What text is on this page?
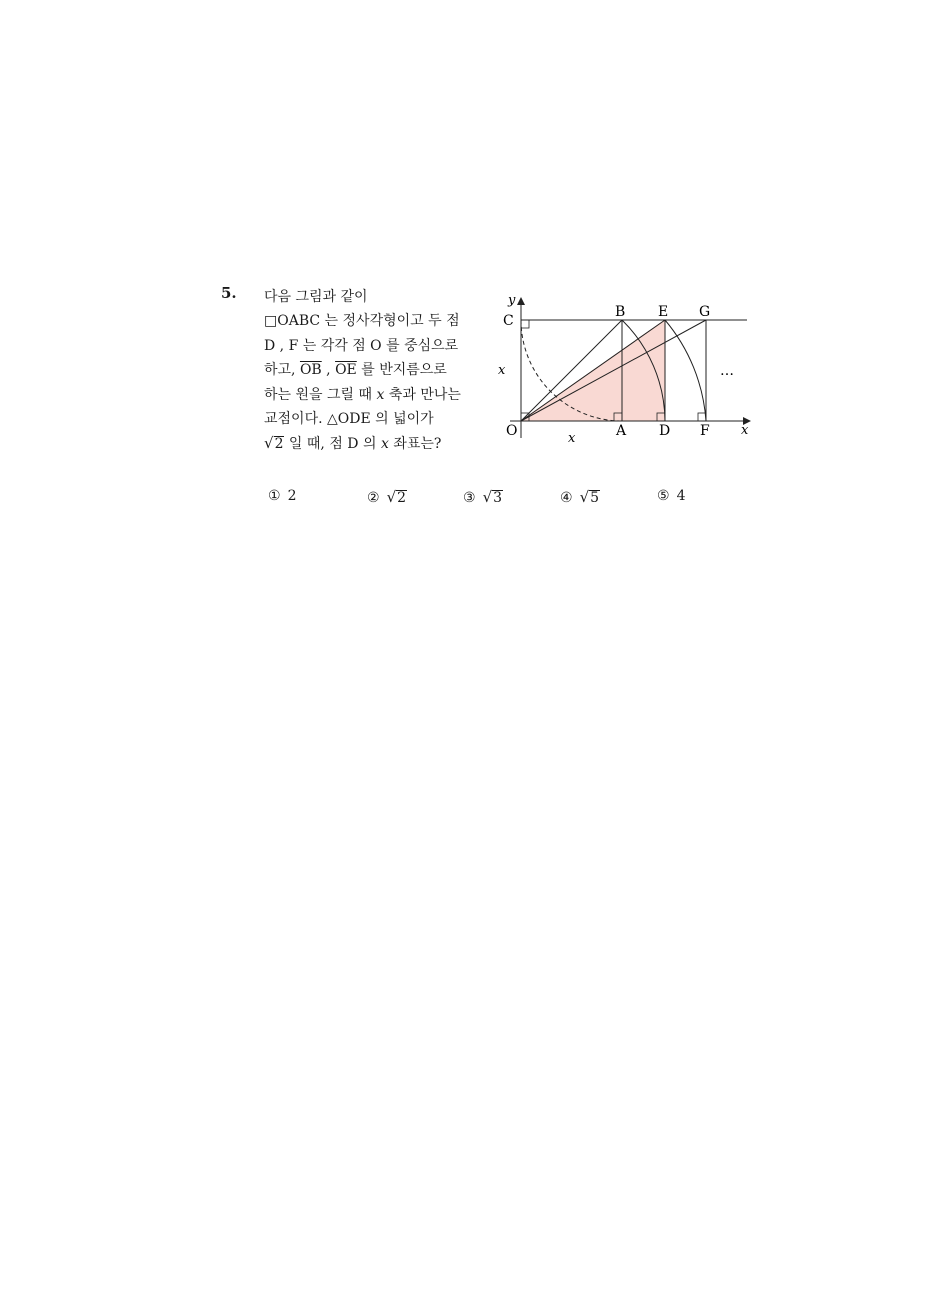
5. 다음 그림과 같이
□OABC 는 정사각형이고 두 점
D , F 는 각각 점 O 를 중심으로
하고, $\overline{OB}$ , $\overline{OE}$ 를 반지름으로
하는 원을 그릴 때 x 축과 만나는
교점이다. △ODE 의 넓이가
√2 일 때, 점 D 의 x 좌표는?
y
C
B E G
x	…
O	A D F x
x
① 2	② √2	③ √3	④ √5	⑤ 4
